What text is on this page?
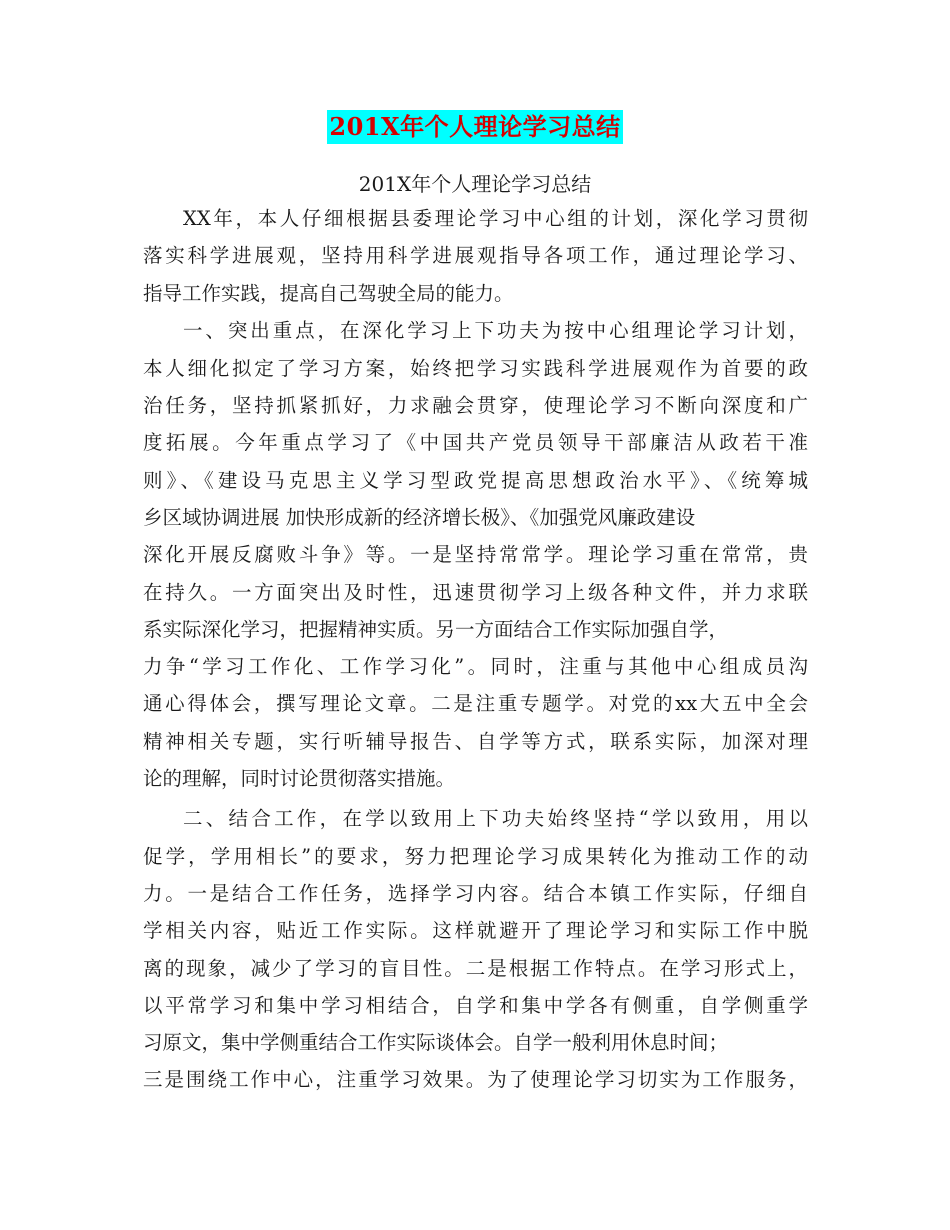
201X年个人理论学习总结
201X年个人理论学习总结

XX年，本人仔细根据县委理论学习中心组的计划，深化学习贯彻
落实科学进展观，坚持用科学进展观指导各项工作，通过理论学习、
指导工作实践，提高自己驾驶全局的能力。

一、突出重点，在深化学习上下功夫为按中心组理论学习计划，
本人细化拟定了学习方案，始终把学习实践科学进展观作为首要的政
治任务，坚持抓紧抓好，力求融会贯穿，使理论学习不断向深度和广
度拓展。今年重点学习了《中国共产党员领导干部廉洁从政若干准
则》、《建设马克思主义学习型政党提高思想政治水平》、《统筹城
乡区域协调进展 加快形成新的经济增长极》、《加强党风廉政建设
深化开展反腐败斗争》等。一是坚持常常学。理论学习重在常常，贵
在持久。一方面突出及时性，迅速贯彻学习上级各种文件，并力求联
系实际深化学习，把握精神实质。另一方面结合工作实际加强自学，
力争“学习工作化、工作学习化”。同时，注重与其他中心组成员沟
通心得体会，撰写理论文章。二是注重专题学。对党的xx大五中全会
精神相关专题，实行听辅导报告、自学等方式，联系实际，加深对理
论的理解，同时讨论贯彻落实措施。

二、结合工作，在学以致用上下功夫始终坚持“学以致用，用以
促学，学用相长”的要求，努力把理论学习成果转化为推动工作的动
力。一是结合工作任务，选择学习内容。结合本镇工作实际，仔细自
学相关内容，贴近工作实际。这样就避开了理论学习和实际工作中脱
离的现象，减少了学习的盲目性。二是根据工作特点。在学习形式上，
以平常学习和集中学习相结合，自学和集中学各有侧重，自学侧重学
习原文，集中学侧重结合工作实际谈体会。自学一般利用休息时间；
三是围绕工作中心，注重学习效果。为了使理论学习切实为工作服务，
